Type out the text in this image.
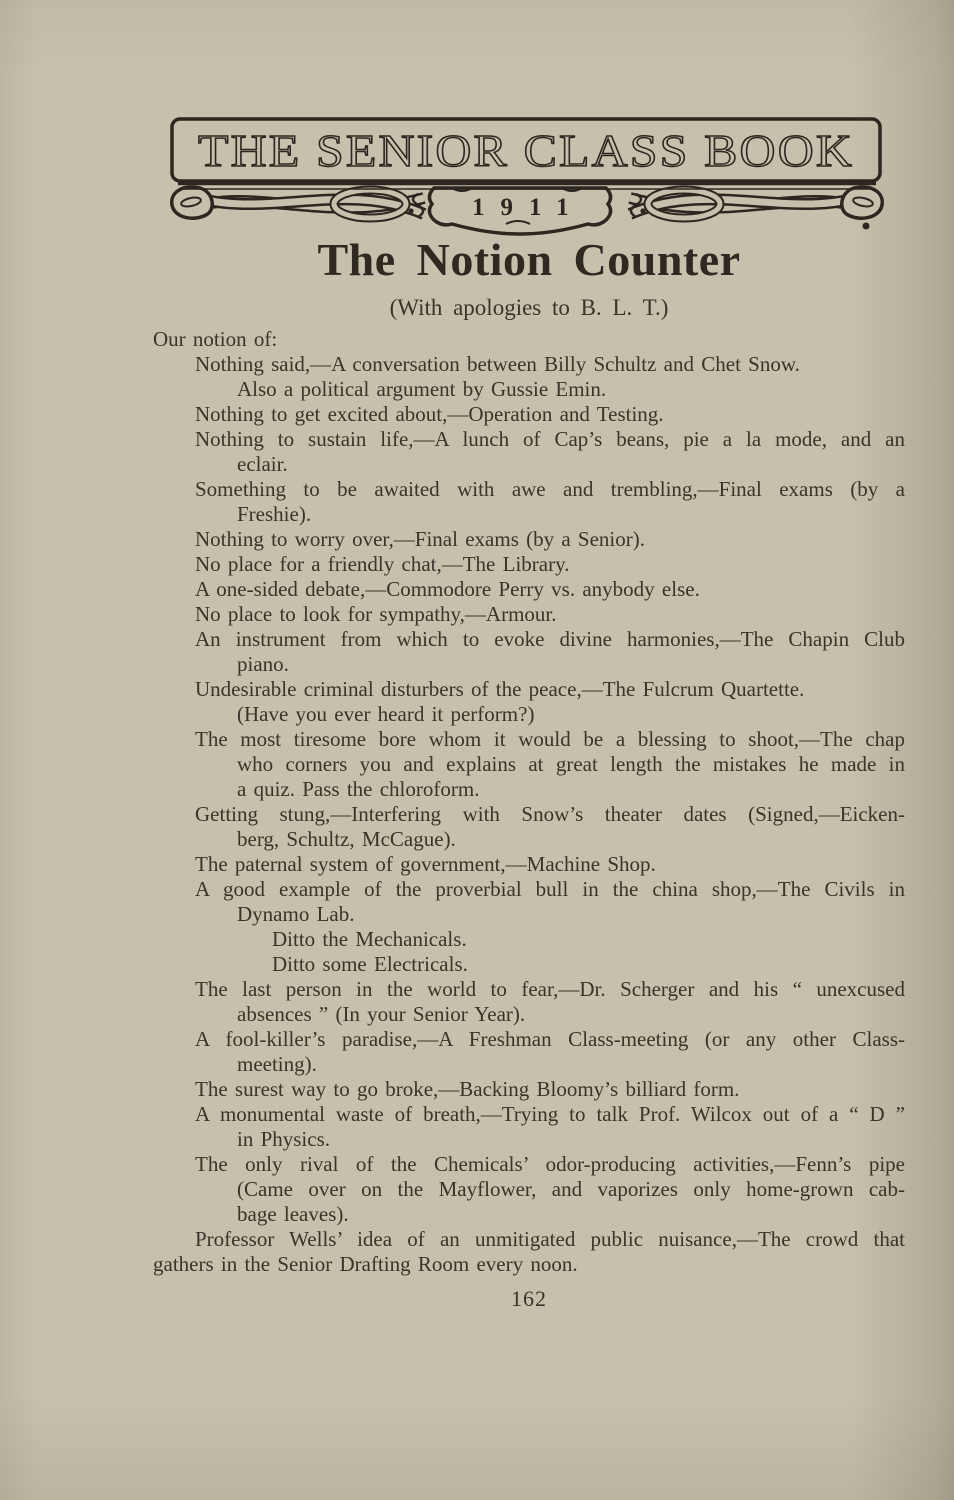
THE SENIOR CLASS BOOK
1911
The Notion Counter
(With apologies to B. L. T.)
Our notion of:
Nothing said,—A conversation between Billy Schultz and Chet Snow.
Also a political argument by Gussie Emin.
Nothing to get excited about,—Operation and Testing.
Nothing to sustain life,—A lunch of Cap’s beans, pie a la mode, and an
eclair.
Something to be awaited with awe and trembling,—Final exams (by a
Freshie).
Nothing to worry over,—Final exams (by a Senior).
No place for a friendly chat,—The Library.
A one-sided debate,—Commodore Perry vs. anybody else.
No place to look for sympathy,—Armour.
An instrument from which to evoke divine harmonies,—The Chapin Club
piano.
Undesirable criminal disturbers of the peace,—The Fulcrum Quartette.
(Have you ever heard it perform?)
The most tiresome bore whom it would be a blessing to shoot,—The chap
who corners you and explains at great length the mistakes he made in
a quiz. Pass the chloroform.
Getting stung,—Interfering with Snow’s theater dates (Signed,—Eicken-
berg, Schultz, McCague).
The paternal system of government,—Machine Shop.
A good example of the proverbial bull in the china shop,—The Civils in
Dynamo Lab.
Ditto the Mechanicals.
Ditto some Electricals.
The last person in the world to fear,—Dr. Scherger and his “ unexcused
absences ” (In your Senior Year).
A fool-killer’s paradise,—A Freshman Class-meeting (or any other Class-
meeting).
The surest way to go broke,—Backing Bloomy’s billiard form.
A monumental waste of breath,—Trying to talk Prof. Wilcox out of a “ D ”
in Physics.
The only rival of the Chemicals’ odor-producing activities,—Fenn’s pipe
(Came over on the Mayflower, and vaporizes only home-grown cab-
bage leaves).
Professor Wells’ idea of an unmitigated public nuisance,—The crowd that
gathers in the Senior Drafting Room every noon.
162
